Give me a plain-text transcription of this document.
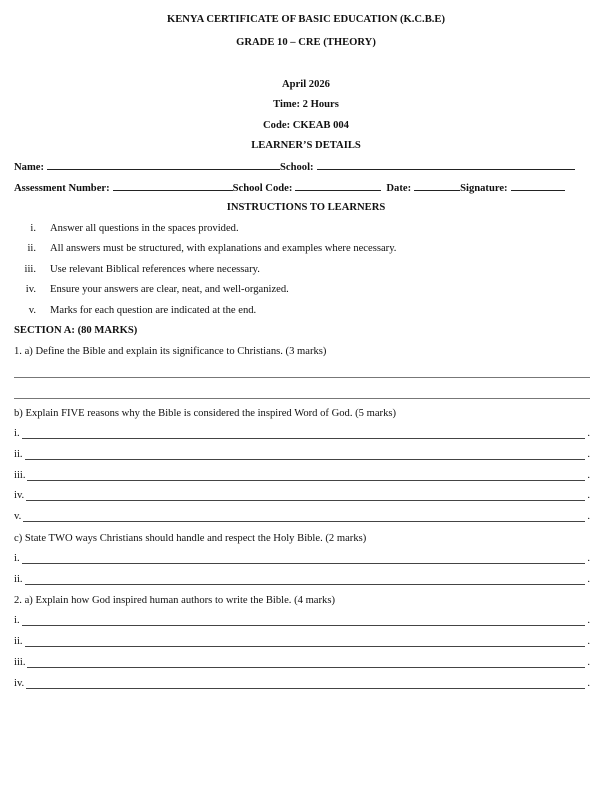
KENYA CERTIFICATE OF BASIC EDUCATION (K.C.B.E)
GRADE 10 – CRE (THEORY)
April 2026
Time: 2 Hours
Code: CKEAB 004
LEARNER’S DETAILS
Name:	School:
Assessment Number:	School Code:	Date:	Signature:
INSTRUCTIONS TO LEARNERS
i. Answer all questions in the spaces provided.
ii. All answers must be structured, with explanations and examples where necessary.
iii. Use relevant Biblical references where necessary.
iv. Ensure your answers are clear, neat, and well-organized.
v. Marks for each question are indicated at the end.
SECTION A: (80 MARKS)
1. a) Define the Bible and explain its significance to Christians. (3 marks)
b) Explain FIVE reasons why the Bible is considered the inspired Word of God. (5 marks)
i.	.
ii.	.
iii.	.
iv.	.
v.	.
c) State TWO ways Christians should handle and respect the Holy Bible. (2 marks)
i.	.
ii.	.
2. a) Explain how God inspired human authors to write the Bible. (4 marks)
i.	.
ii.	.
iii.	.
iv.	.
